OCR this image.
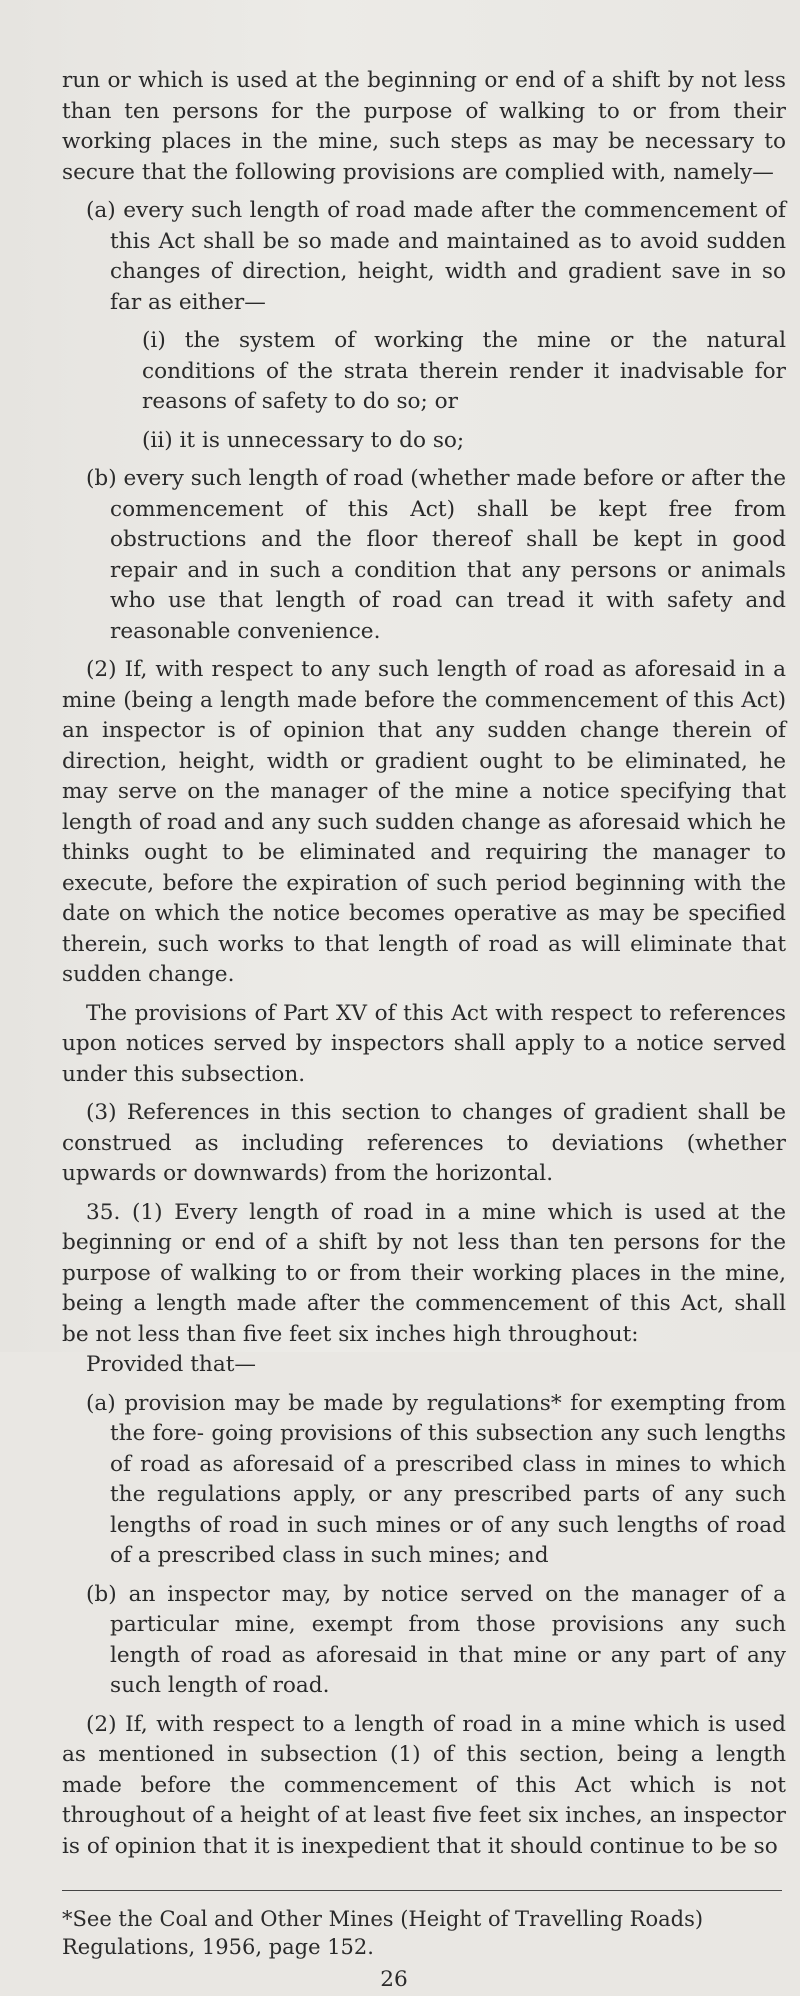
run or which is used at the beginning or end of a shift by not less than ten persons for the purpose of walking to or from their working places in the mine, such steps as may be necessary to secure that the following provisions are complied with, namely—

(a) every such length of road made after the commencement of this Act shall be so made and maintained as to avoid sudden changes of direction, height, width and gradient save in so far as either—

(i) the system of working the mine or the natural conditions of the strata therein render it inadvisable for reasons of safety to do so; or

(ii) it is unnecessary to do so;

(b) every such length of road (whether made before or after the commencement of this Act) shall be kept free from obstructions and the floor thereof shall be kept in good repair and in such a condition that any persons or animals who use that length of road can tread it with safety and reasonable convenience.

(2) If, with respect to any such length of road as aforesaid in a mine (being a length made before the commencement of this Act) an inspector is of opinion that any sudden change therein of direction, height, width or gradient ought to be eliminated, he may serve on the manager of the mine a notice specifying that length of road and any such sudden change as aforesaid which he thinks ought to be eliminated and requiring the manager to execute, before the expiration of such period beginning with the date on which the notice becomes operative as may be specified therein, such works to that length of road as will eliminate that sudden change.

The provisions of Part XV of this Act with respect to references upon notices served by inspectors shall apply to a notice served under this subsection.

(3) References in this section to changes of gradient shall be construed as including references to deviations (whether upwards or downwards) from the horizontal.

35. (1) Every length of road in a mine which is used at the beginning or end of a shift by not less than ten persons for the purpose of walking to or from their working places in the mine, being a length made after the commencement of this Act, shall be not less than five feet six inches high throughout:

Provided that—

(a) provision may be made by regulations* for exempting from the fore- going provisions of this subsection any such lengths of road as aforesaid of a prescribed class in mines to which the regulations apply, or any prescribed parts of any such lengths of road in such mines or of any such lengths of road of a prescribed class in such mines; and

(b) an inspector may, by notice served on the manager of a particular mine, exempt from those provisions any such length of road as aforesaid in that mine or any part of any such length of road.

(2) If, with respect to a length of road in a mine which is used as mentioned in subsection (1) of this section, being a length made before the commencement of this Act which is not throughout of a height of at least five feet six inches, an inspector is of opinion that it is inexpedient that it should continue to be so

*See the Coal and Other Mines (Height of Travelling Roads) Regulations, 1956, page 152.

26
